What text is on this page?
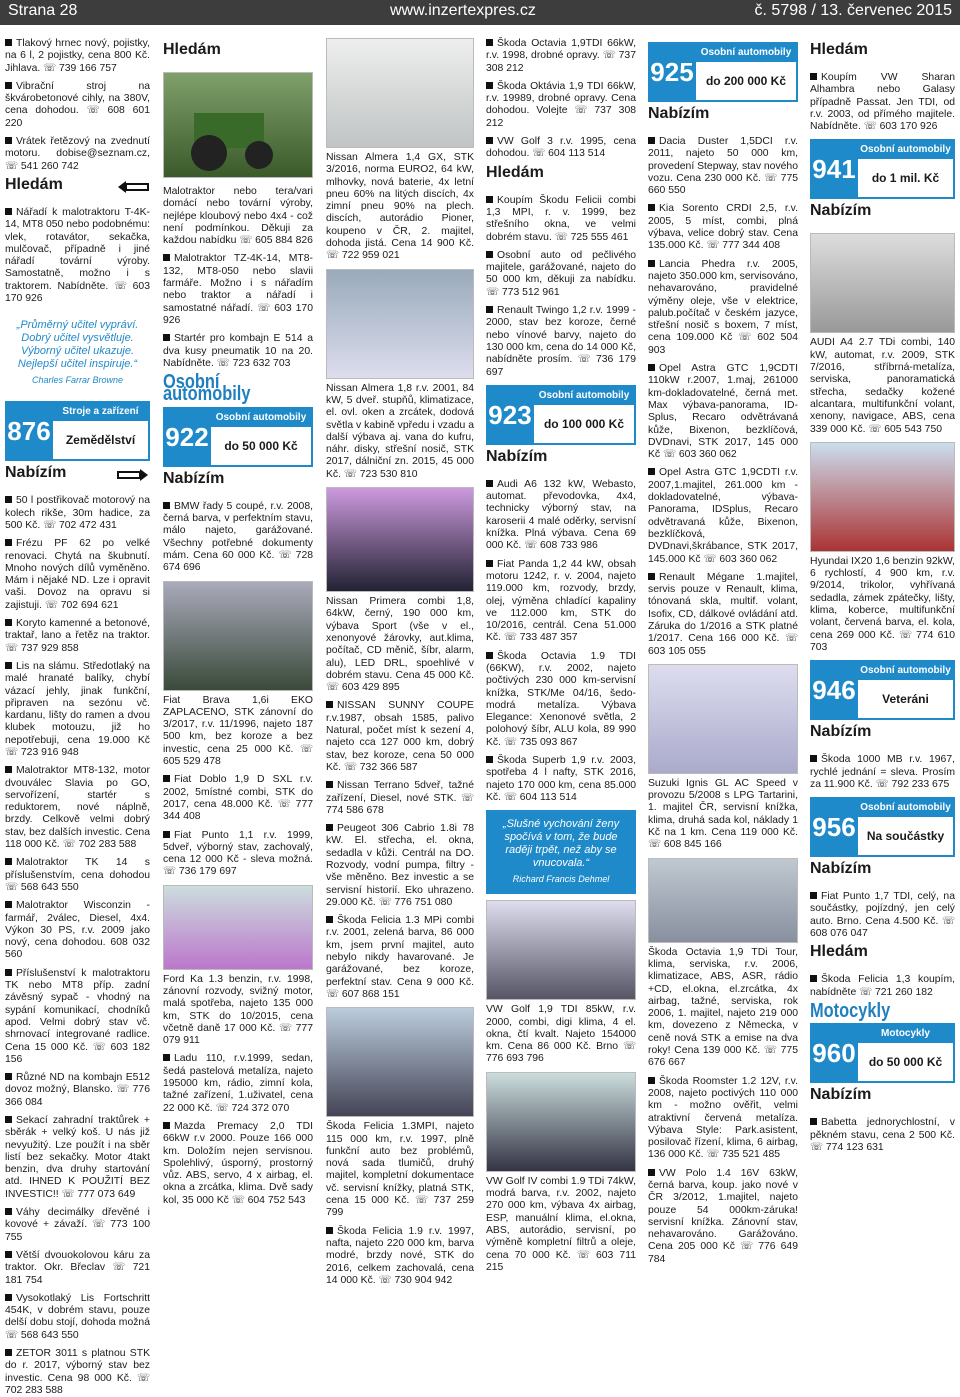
Strana 28	www.inzertexpres.cz	č. 5798 / 13. červenec 2015
Tlakový hrnec nový, pojistky, na 6 l, 2 pojistky, cena 800 Kč. Jihlava. ☏ 739 166 757
Vibrační stroj na škvárobetonové cihly, na 380V, cena dohodou. ☏ 608 601 220
Vrátek řetězový na zvednutí motoru. dobise@seznam.cz, ☏ 541 260 742
Hledám
Nářadí k malotraktoru T-4K-14, MT8 050 nebo podobnému: vlek, rotavátor, sekačka, mulčovač, případně i jiné nářadí tovární výroby. Samostatně, možno i s traktorem. Nabídněte. ☏ 603 170 926
„Průměrný učitel vypráví. Dobrý učitel vysvětluje. Výborný učitel ukazuje. Nejlepší učitel inspiruje.“
Charles Farrar Browne
876
Stroje a zařízení
Zemědělství
Nabízím
50 l postřikovač motorový na kolech rikše, 30m hadice, za 500 Kč. ☏ 702 472 431
Frézu PF 62 po velké renovaci. Chytá na škubnutí. Mnoho nových dílů vyměněno. Mám i nějaké ND. Lze i opravit vaši. Dovoz na opravu si zajistuji. ☏ 702 694 621
Koryto kamenné a betonové, traktař, lano a řetěz na traktor. ☏ 737 929 858
Lis na slámu. Středotlaký na malé hranaté balíky, chybí vázací jehly, jinak funkční, připraven na sezónu vč. kardanu, lišty do ramen a dvou klubek motouzu, již ho nepotřebuji, cena 19.000 Kč ☏ 723 916 948
Malotraktor MT8-132, motor dvouválec Slavia po GO, servořízení, startér s reduktorem, nové náplně, brzdy. Celkově velmi dobrý stav, bez dalších investic. Cena 118 000 Kč. ☏ 702 283 588
Malotraktor TK 14 s příslušenstvím, cena dohodou ☏ 568 643 550
Malotraktor Wisconzin - farmář, 2válec, Diesel, 4x4. Výkon 30 PS, r.v. 2009 jako nový, cena dohodou. 608 032 560
Příslušenství k malotraktoru TK nebo MT8 příp. zadní závěsný sypač - vhodný na sypání komunikací, chodníků apod. Velmi dobrý stav vč. shrnovací integrované radlice. Cena 15 000 Kč. ☏ 603 182 156
Různé ND na kombajn E512 dovoz možný, Blansko. ☏ 776 366 084
Sekací zahradní traktůrek + sběrák + velký koš. U nás již nevyužitý. Lze použít i na sběr listí bez sekačky. Motor 4takt benzin, dva druhy startování atd. IHNED K POUŽITÍ BEZ INVESTIC!! ☏ 777 073 649
Váhy decimálky dřevěné i kovové + závaží. ☏ 773 100 755
Větší dvouokolovou káru za traktor. Okr. Břeclav ☏ 721 181 754
Vysokotlaký Lis Fortschritt 454K, v dobrém stavu, pouze delší dobu stojí, dohoda možná ☏ 568 643 550
ZETOR 3011 s platnou STK do r. 2017, výborný stav bez investic. Cena 98 000 Kč. ☏ 702 283 588
Hledám
Malotraktor nebo tera/vari domácí nebo tovární výroby, nejlépe kloubový nebo 4x4 - což není podmínkou. Děkuji za každou nabídku ☏ 605 884 826
Malotraktor TZ-4K-14, MT8-132, MT8-050 nebo slavii farmáře. Možno i s nářadím nebo traktor a nářadí i samostatné nářadí. ☏ 603 170 926
Startér pro kombajn E 514 a dva kusy pneumatik 10 na 20. Nabídněte. ☏ 723 632 703
Osobní automobily
922
Osobní automobily
do 50 000 Kč
Nabízím
BMW řady 5 coupé, r.v. 2008, černá barva, v perfektním stavu, málo najeto, garážované. Všechny potřebné dokumenty mám. Cena 60 000 Kč. ☏ 728 674 696
Fiat Brava 1,6i EKO ZAPLACENO, STK zánovní do 3/2017, r.v. 11/1996, najeto 187 500 km, bez koroze a bez investic, cena 25 000 Kč. ☏ 605 529 478
Fiat Doblo 1,9 D SXL r.v. 2002, 5místné combi, STK do 2017, cena 48.000 Kč. ☏ 777 344 408
Fiat Punto 1,1 r.v. 1999, 5dveř, výborný stav, zachovalý, cena 12 000 Kč - sleva možná. ☏ 736 179 697
Ford Ka 1.3 benzin, r.v. 1998, zánovní rozvody, svižný motor, malá spotřeba, najeto 135 000 km, STK do 10/2015, cena včetně daně 17 000 Kč. ☏ 777 079 911
Ladu 110, r.v.1999, sedan, šedá pastelová metalíza, najeto 195000 km, rádio, zimní kola, tažné zařízení, 1.uživatel, cena 22 000 Kč. ☏ 724 372 070
Mazda Premacy 2,0 TDI 66kW r.v 2000. Pouze 166 000 km. Doložím nejen servisnou. Spolehlivý, úsporný, prostorný vůz. ABS, servo, 4 x airbag, el. okna a zrcátka, klima. Dvě sady kol, 35 000 Kč ☏ 604 752 543
Nissan Almera 1,4 GX, STK 3/2016, norma EURO2, 64 kW, mlhovky, nová baterie, 4x letní pneu 60% na litých discích, 4x zimní pneu 90% na plech. discích, autorádio Pioner, koupeno v ČR, 2. majitel, dohoda jistá. Cena 14 900 Kč. ☏ 722 959 021
Nissan Almera 1,8 r.v. 2001, 84 kW, 5 dveř. stupňů, klimatizace, el. ovl. oken a zrcátek, dodová světla v kabině vpředu i vzadu a další výbava aj. vana do kufru, náhr. disky, střešní nosič, STK 2017, dálniční zn. 2015, 45 000 Kč. ☏ 723 530 810
Nissan Primera combi 1,8, 64kW, černý, 190 000 km, výbava Sport (vše v el., xenonyové žárovky, aut.klima, počítač, CD měnič, šíbr, alarm, alu), LED DRL, spoehlivé v dobrém stavu. Cena 45 000 Kč. ☏ 603 429 895
NISSAN SUNNY COUPE r.v.1987, obsah 1585, palivo Natural, počet míst k sezení 4, najeto cca 127 000 km, dobrý stav, bez koroze, cena 50 000 Kč. ☏ 732 366 587
Nissan Terrano 5dveř, tažné zařízení, Diesel, nové STK. ☏ 774 586 678
Peugeot 306 Cabrio 1.8i 78 kW. El. střecha, el. okna, sedadla v kůži. Centrál na DO. Rozvody, vodní pumpa, filtry - vše měněno. Bez investic a se servisní historií. Eko uhrazeno. 29.000 Kč. ☏ 776 751 080
Škoda Felicia 1.3 MPi combi r.v. 2001, zelená barva, 86 000 km, jsem první majitel, auto nebylo nikdy havarované. Je garážované, bez koroze, perfektní stav. Cena 9 000 Kč. ☏ 607 868 151
Škoda Felicia 1.3MPI, najeto 115 000 km, r.v. 1997, plně funkční auto bez problémů, nová sada tlumičů, druhý majitel, kompletní dokumentace vč. servisní knížky, platná STK, cena 15 000 Kč. ☏ 737 259 799
Škoda Felicia 1.9 r.v. 1997, nafta, najeto 220 000 km, barva modré, brzdy nové, STK do 2016, celkem zachovalá, cena 14 000 Kč. ☏ 730 904 942
Škoda Octavia 1,9TDI 66kW, r.v. 1998, drobné opravy. ☏ 737 308 212
Škoda Oktávia 1,9 TDI 66kW, r.v. 19989, drobné opravy. Cena dohodou. Volejte ☏ 737 308 212
VW Golf 3 r.v. 1995, cena dohodou. ☏ 604 113 514
Hledám
Koupím Škodu Felicii combi 1,3 MPI, r. v. 1999, bez střešního okna, ve velmi dobrém stavu. ☏ 725 555 461
Osobní auto od pečlivého majitele, garážované, najeto do 50 000 km, děkuji za nabídku. ☏ 773 512 961
Renault Twingo 1,2 r.v. 1999 - 2000, stav bez koroze, černé nebo vínové barvy, najeto do 130 000 km, cena do 14 000 Kč, nabídněte prosím. ☏ 736 179 697
923
Osobní automobily
do 100 000 Kč
Nabízím
Audi A6 132 kW, Webasto, automat. převodovka, 4x4, technicky výborný stav, na karoserii 4 malé oděrky, servisní knížka. Plná výbava. Cena 69 000 Kč. ☏ 608 733 986
Fiat Panda 1,2 44 kW, obsah motoru 1242, r. v. 2004, najeto 119.000 km, rozvody, brzdy, olej, výměna chladící kapaliny ve 112.000 km, STK do 10/2016, centrál. Cena 51.000 Kč. ☏ 733 487 357
Škoda Octavia 1.9 TDI (66KW), r.v. 2002, najeto počtivých 230 000 km-servisní knížka, STK/Me 04/16, šedo-modrá metalíza. Výbava Elegance: Xenonové světla, 2 polohový šíbr, ALU kola, 89 990 Kč. ☏ 735 093 867
Škoda Superb 1,9 r.v. 2003, spotřeba 4 l nafty, STK 2016, najeto 170 000 km, cena 85.000 Kč. ☏ 604 113 514
„Slušné vychování ženy spočívá v tom, že bude raději trpět, než aby se vnucovala.“
Richard Francis Dehmel
VW Golf 1,9 TDI 85kW, r.v. 2000, combi, digi klima, 4 el. okna, čtí kvalt. Najeto 154000 km. Cena 86 000 Kč. Brno ☏ 776 693 796
VW Golf IV combi 1.9 TDi 74kW, modrá barva, r.v. 2002, najeto 270 000 km, výbava 4x airbag, ESP, manuální klima, el.okna, ABS, autorádio, servisní, po výměně kompletní filtrů a oleje, cena 70 000 Kč. ☏ 603 711 215
925
Osobní automobily
do 200 000 Kč
Nabízím
Dacia Duster 1,5DCI r.v. 2011, najeto 50 000 km, provedení Stepway, stav nového vozu. Cena 230 000 Kč. ☏ 775 660 550
Kia Sorento CRDI 2,5, r.v. 2005, 5 míst, combi, plná výbava, velice dobrý stav. Cena 135.000 Kč. ☏ 777 344 408
Lancia Phedra r.v. 2005, najeto 350.000 km, servisováno, nehavarováno, pravidelné výměny oleje, vše v elektrice, palub.počítač v českém jazyce, střešní nosič s boxem, 7 míst, cena 109.000 Kč ☏ 602 504 903
Opel Astra GTC 1,9CDTI 110kW r.2007, 1.maj, 261000 km-dokladovatelné, černá met. Max výbava-panorama, ID-Splus, Recaro odvětrávaná kůže, Bixenon, bezklíčová, DVDnavi, STK 2017, 145 000 Kč ☏ 603 360 062
Opel Astra GTC 1,9CDTI r.v. 2007,1.majitel, 261.000 km - dokladovatelné, výbava-Panorama, IDSplus, Recaro odvětravaná kůže, Bixenon, bezklíčková, DVDnavi,škrábance, STK 2017, 145.000 Kč ☏ 603 360 062
Renault Mégane 1.majitel, servis pouze v Renault, klima, tónovaná skla, multif. volant, Isofix, CD, dálkové ovládání atd. Záruka do 1/2016 a STK platné 1/2017. Cena 166 000 Kč. ☏ 603 105 055
Suzuki Ignis GL AC Speed v provozu 5/2008 s LPG Tartarini, 1. majitel ČR, servisní knížka, klima, druhá sada kol, náklady 1 Kč na 1 km. Cena 119 000 Kč. ☏ 608 845 166
Škoda Octavia 1,9 TDi Tour, klima, serviska, r.v. 2006, klimatizace, ABS, ASR, rádio +CD, el.okna, el.zrcátka, 4x airbag, tažné, serviska, rok 2006, 1. majitel, najeto 219 000 km, dovezeno z Německa, v ceně nová STK a emise na dva roky! Cena 139 000 Kč. ☏ 775 676 667
Škoda Roomster 1.2 12V, r.v. 2008, najeto poctivých 110 000 km - možno ověřit, velmi atraktivní červená metalíza. Výbava Style: Park.asistent, posilovač řízení, klima, 6 airbag, 136 000 Kč. ☏ 735 521 485
VW Polo 1.4 16V 63kW, černá barva, koup. jako nové v ČR 3/2012, 1.majitel, najeto pouze 54 000km-záruka! servisní knížka. Zánovní stav, nehavarováno. Garážováno. Cena 205 000 Kč ☏ 776 649 784
Hledám
Koupím VW Sharan Alhambra nebo Galasy případně Passat. Jen TDI, od r.v. 2003, od přímého majitele. Nabídněte. ☏ 603 170 926
941
Osobní automobily
do 1 mil. Kč
Nabízím
AUDI A4 2.7 TDi combi, 140 kW, automat, r.v. 2009, STK 7/2016, stříbrná-metalíza, serviska, panoramatická střecha, sedačky kožené alcantara, multifunkční volant, xenony, navigace, ABS, cena 339 000 Kč. ☏ 605 543 750
Hyundai IX20 1,6 benzin 92kW, 6 rychlostí, 4 900 km, r.v. 9/2014, trikolor, vyhřívaná sedadla, zámek zpátečky, lišty, klima, koberce, multifunkční volant, červená barva, el. kola, cena 269 000 Kč. ☏ 774 610 703
946
Osobní automobily
Veteráni
Nabízím
Škoda 1000 MB r.v. 1967, rychlé jednání = sleva. Prosím za 11.900 Kč. ☏ 792 233 675
956
Osobní automobily
Na součástky
Nabízím
Fiat Punto 1,7 TDI, celý, na součástky, pojízdný, jen celý auto. Brno. Cena 4.500 Kč. ☏ 608 076 047
Hledám
Škoda Felicia 1,3 koupím, nabídněte ☏ 721 260 182
Motocykly
960
Motocykly
do 50 000 Kč
Nabízím
Babetta jednorychlostní, v pěkném stavu, cena 2 500 Kč. ☏ 774 123 631
